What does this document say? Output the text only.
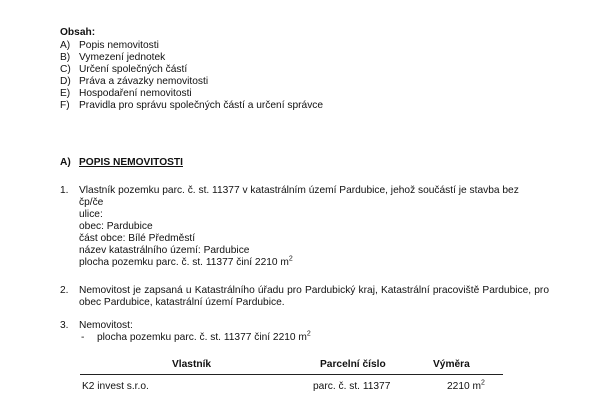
Obsah:
A) Popis nemovitosti
B) Vymezení jednotek
C) Určení společných částí
D) Práva a závazky nemovitosti
E) Hospodaření nemovitosti
F) Pravidla pro správu společných částí a určení správce
A) POPIS NEMOVITOSTI
1. Vlastník pozemku parc. č. st. 11377 v katastrálním území Pardubice, jehož součástí je stavba bez
čp/če
ulice:
obec: Pardubice
část obce: Bílé Předměstí
název katastrálního území: Pardubice
plocha pozemku parc. č. st. 11377 činí 2210 $m^2$
2. Nemovitost je zapsaná u Katastrálního úřadu pro Pardubický kraj, Katastrální pracoviště Pardubice, pro obec Pardubice, katastrální území Pardubice.
3. Nemovitost:
- plocha pozemku parc. č. st. 11377 činí 2210 $m^2$
Vlastník	Parcelní číslo	Výměra
K2 invest s.r.o.	parc. č. st. 11377	2210 $m^2$
